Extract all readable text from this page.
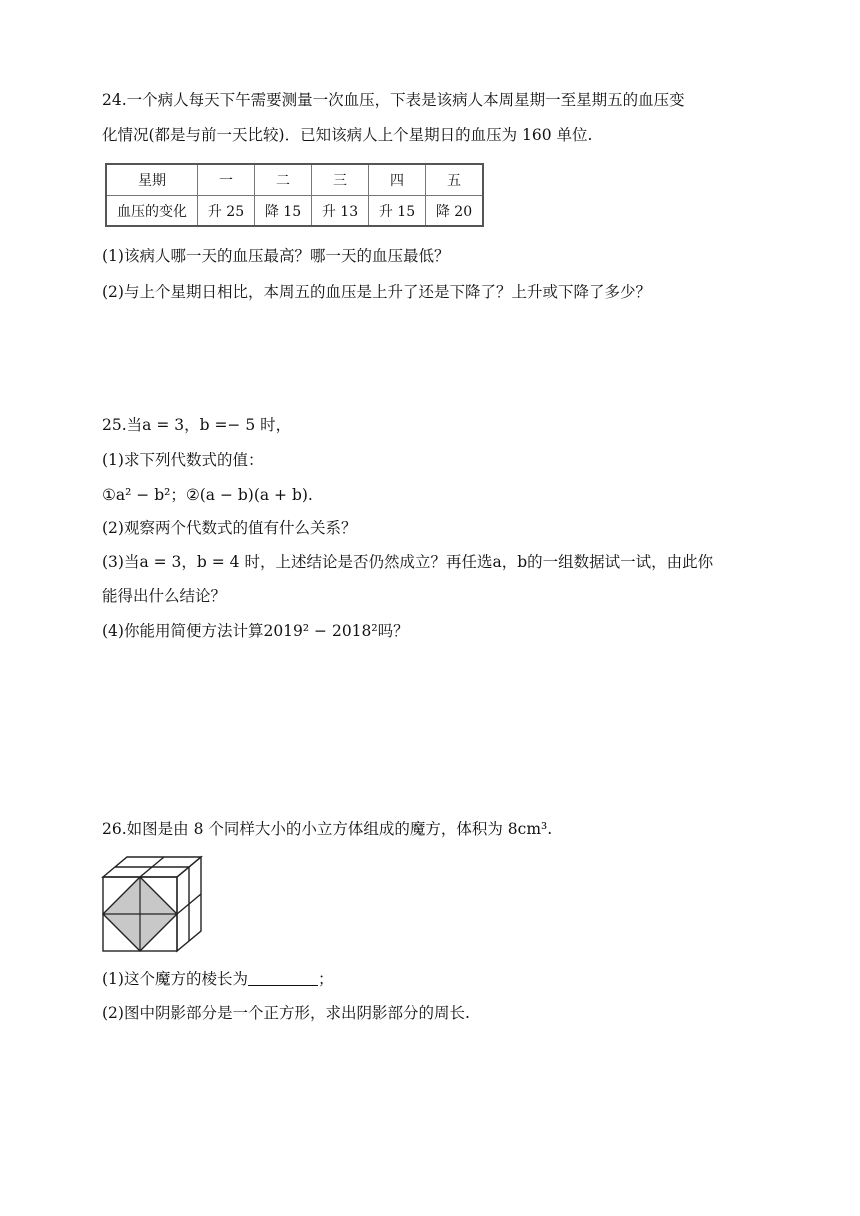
24.一个病人每天下午需要测量一次血压，下表是该病人本周星期一至星期五的血压变
化情况(都是与前一天比较)．已知该病人上个星期日的血压为 160 单位.
星期	一	二	三	四	五
血压的变化	升 25	降 15	升 13	升 15	降 20
(1)该病人哪一天的血压最高？哪一天的血压最低？
(2)与上个星期日相比，本周五的血压是上升了还是下降了？上升或下降了多少？
25.当a = 3，b =− 5 时，
(1)求下列代数式的值：
①a² − b²；②(a − b)(a + b).
(2)观察两个代数式的值有什么关系？
(3)当a = 3，b = 4 时，上述结论是否仍然成立？再任选a，b的一组数据试一试，由此你
能得出什么结论？
(4)你能用简便方法计算2019² − 2018²吗？
26.如图是由 8 个同样大小的小立方体组成的魔方，体积为 8cm³.
(1)这个魔方的棱长为	；
(2)图中阴影部分是一个正方形，求出阴影部分的周长.
